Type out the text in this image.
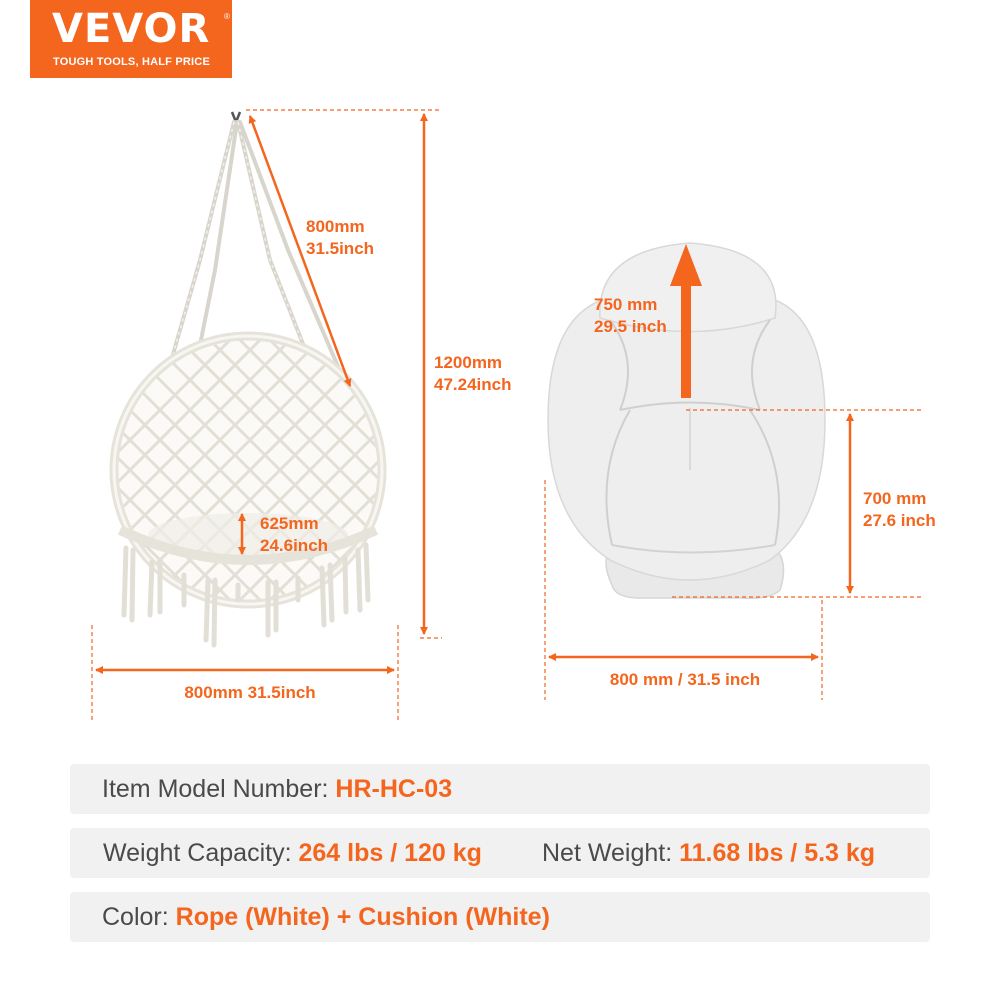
VEVOR ®
TOUGH TOOLS, HALF PRICE
800mm
31.5inch
1200mm
47.24inch
625mm
24.6inch
800mm 31.5inch
750 mm
29.5 inch
700 mm
27.6 inch
800 mm / 31.5 inch
Item Model Number: HR-HC-03
Weight Capacity: 264 lbs / 120 kg Net Weight: 11.68 lbs / 5.3 kg
Color: Rope (White) + Cushion (White)
